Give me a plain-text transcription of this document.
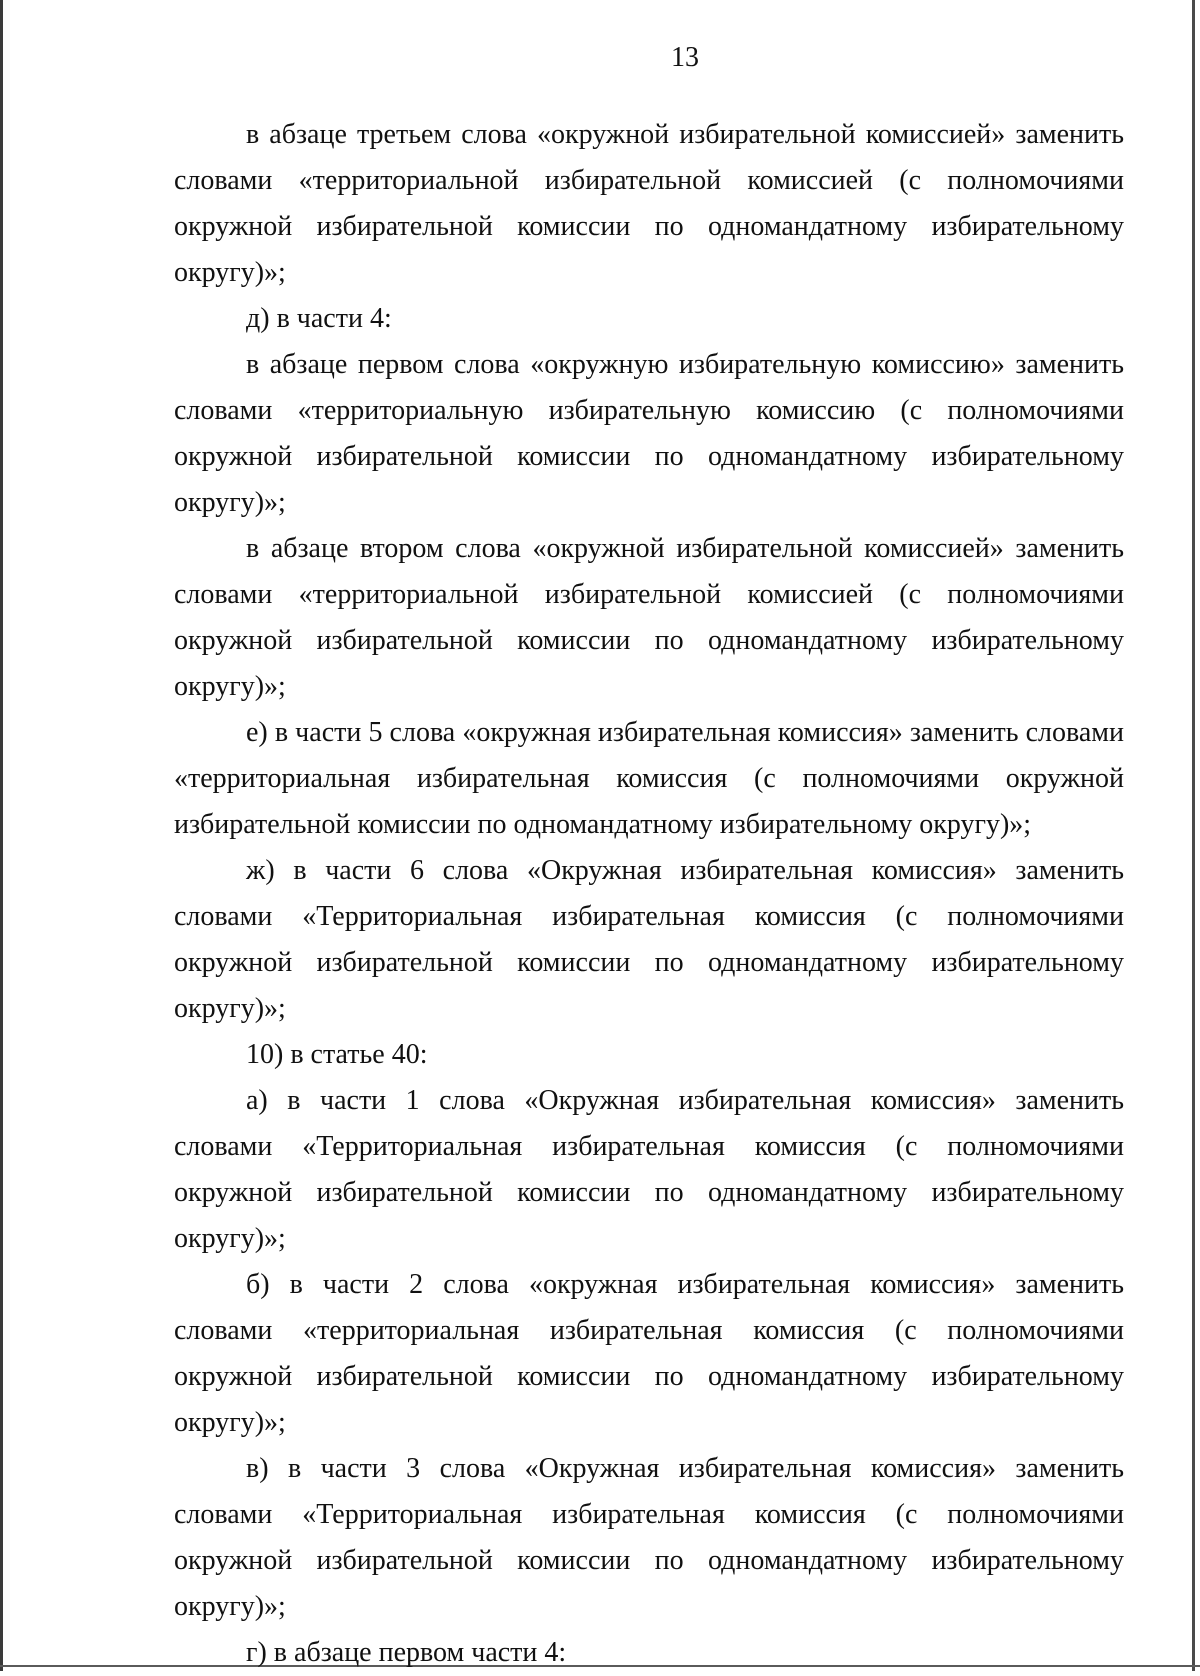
13

в абзаце третьем слова «окружной избирательной комиссией» заменить словами «территориальной избирательной комиссией (с полномочиями окружной избирательной комиссии по одномандатному избирательному округу)»;

д) в части 4:

в абзаце первом слова «окружную избирательную комиссию» заменить словами «территориальную избирательную комиссию (с полномочиями окружной избирательной комиссии по одномандатному избирательному округу)»;

в абзаце втором слова «окружной избирательной комиссией» заменить словами «территориальной избирательной комиссией (с полномочиями окружной избирательной комиссии по одномандатному избирательному округу)»;

е) в части 5 слова «окружная избирательная комиссия» заменить словами «территориальная избирательная комиссия (с полномочиями окружной избирательной комиссии по одномандатному избирательному округу)»;

ж) в части 6 слова «Окружная избирательная комиссия» заменить словами «Территориальная избирательная комиссия (с полномочиями окружной избирательной комиссии по одномандатному избирательному округу)»;

10) в статье 40:

а) в части 1 слова «Окружная избирательная комиссия» заменить словами «Территориальная избирательная комиссия (с полномочиями окружной избирательной комиссии по одномандатному избирательному округу)»;

б) в части 2 слова «окружная избирательная комиссия» заменить словами «территориальная избирательная комиссия (с полномочиями окружной избирательной комиссии по одномандатному избирательному округу)»;

в) в части 3 слова «Окружная избирательная комиссия» заменить словами «Территориальная избирательная комиссия (с полномочиями окружной избирательной комиссии по одномандатному избирательному округу)»;

г) в абзаце первом части 4:
